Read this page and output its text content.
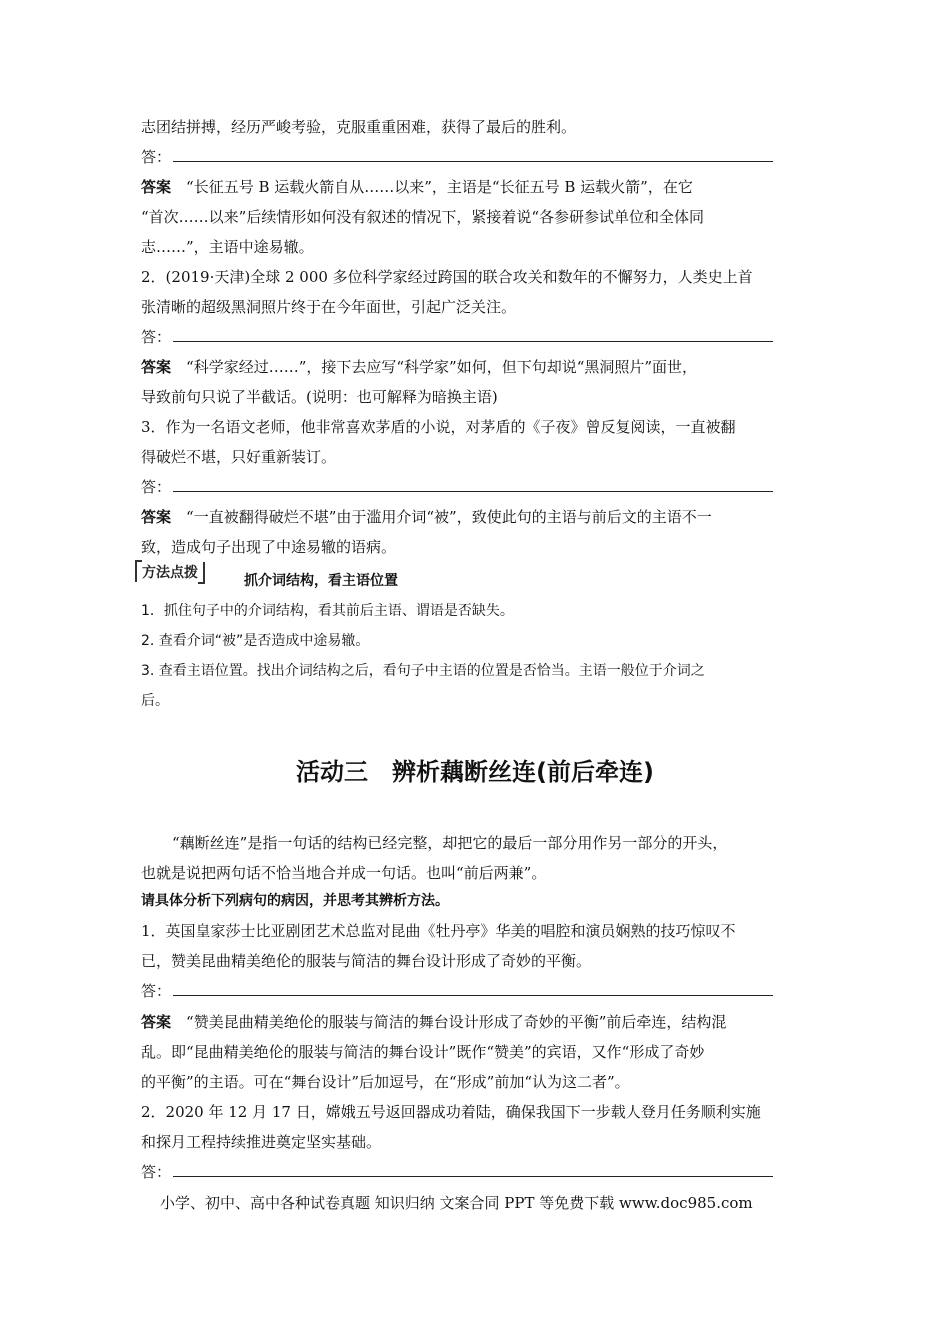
志团结拼搏，经历严峻考验，克服重重困难，获得了最后的胜利。
答：
答案　 “长征五号 B 运载火箭自从……以来”，主语是“长征五号 B 运载火箭”，在它
“首次……以来”后续情形如何没有叙述的情况下，紧接着说“各参研参试单位和全体同
志……”，主语中途易辙。
2．(2019·天津)全球 2 000 多位科学家经过跨国的联合攻关和数年的不懈努力，人类史上首
张清晰的超级黑洞照片终于在今年面世，引起广泛关注。
答：
答案　 “科学家经过……”，接下去应写“科学家”如何，但下句却说“黑洞照片”面世，
导致前句只说了半截话。(说明：也可解释为暗换主语)
3．作为一名语文老师，他非常喜欢茅盾的小说，对茅盾的《子夜》曾反复阅读，一直被翻
得破烂不堪，只好重新装订。
答：
答案　 “一直被翻得破烂不堪”由于滥用介词“被”，致使此句的主语与前后文的主语不一
致，造成句子出现了中途易辙的语病。
方法点拨	抓介词结构，看主语位置
1．抓住句子中的介词结构，看其前后主语、谓语是否缺失。
2. 查看介词“被”是否造成中途易辙。
3. 查看主语位置。找出介词结构之后，看句子中主语的位置是否恰当。主语一般位于介词之
后。
活动三　辨析藕断丝连(前后牵连)
“藕断丝连”是指一句话的结构已经完整，却把它的最后一部分用作另一部分的开头，
也就是说把两句话不恰当地合并成一句话。也叫“前后两兼”。
请具体分析下列病句的病因，并思考其辨析方法。
1．英国皇家莎士比亚剧团艺术总监对昆曲《牡丹亭》华美的唱腔和演员娴熟的技巧惊叹不
已，赞美昆曲精美绝伦的服装与简洁的舞台设计形成了奇妙的平衡。
答：
答案　 “赞美昆曲精美绝伦的服装与简洁的舞台设计形成了奇妙的平衡”前后牵连，结构混
乱。即“昆曲精美绝伦的服装与简洁的舞台设计”既作“赞美”的宾语，又作“形成了奇妙
的平衡”的主语。可在“舞台设计”后加逗号，在“形成”前加“认为这二者”。
2．2020 年 12 月 17 日，嫦娥五号返回器成功着陆，确保我国下一步载人登月任务顺利实施
和探月工程持续推进奠定坚实基础。
答：
小学、初中、高中各种试卷真题 知识归纳 文案合同 PPT 等免费下载 www.doc985.com
